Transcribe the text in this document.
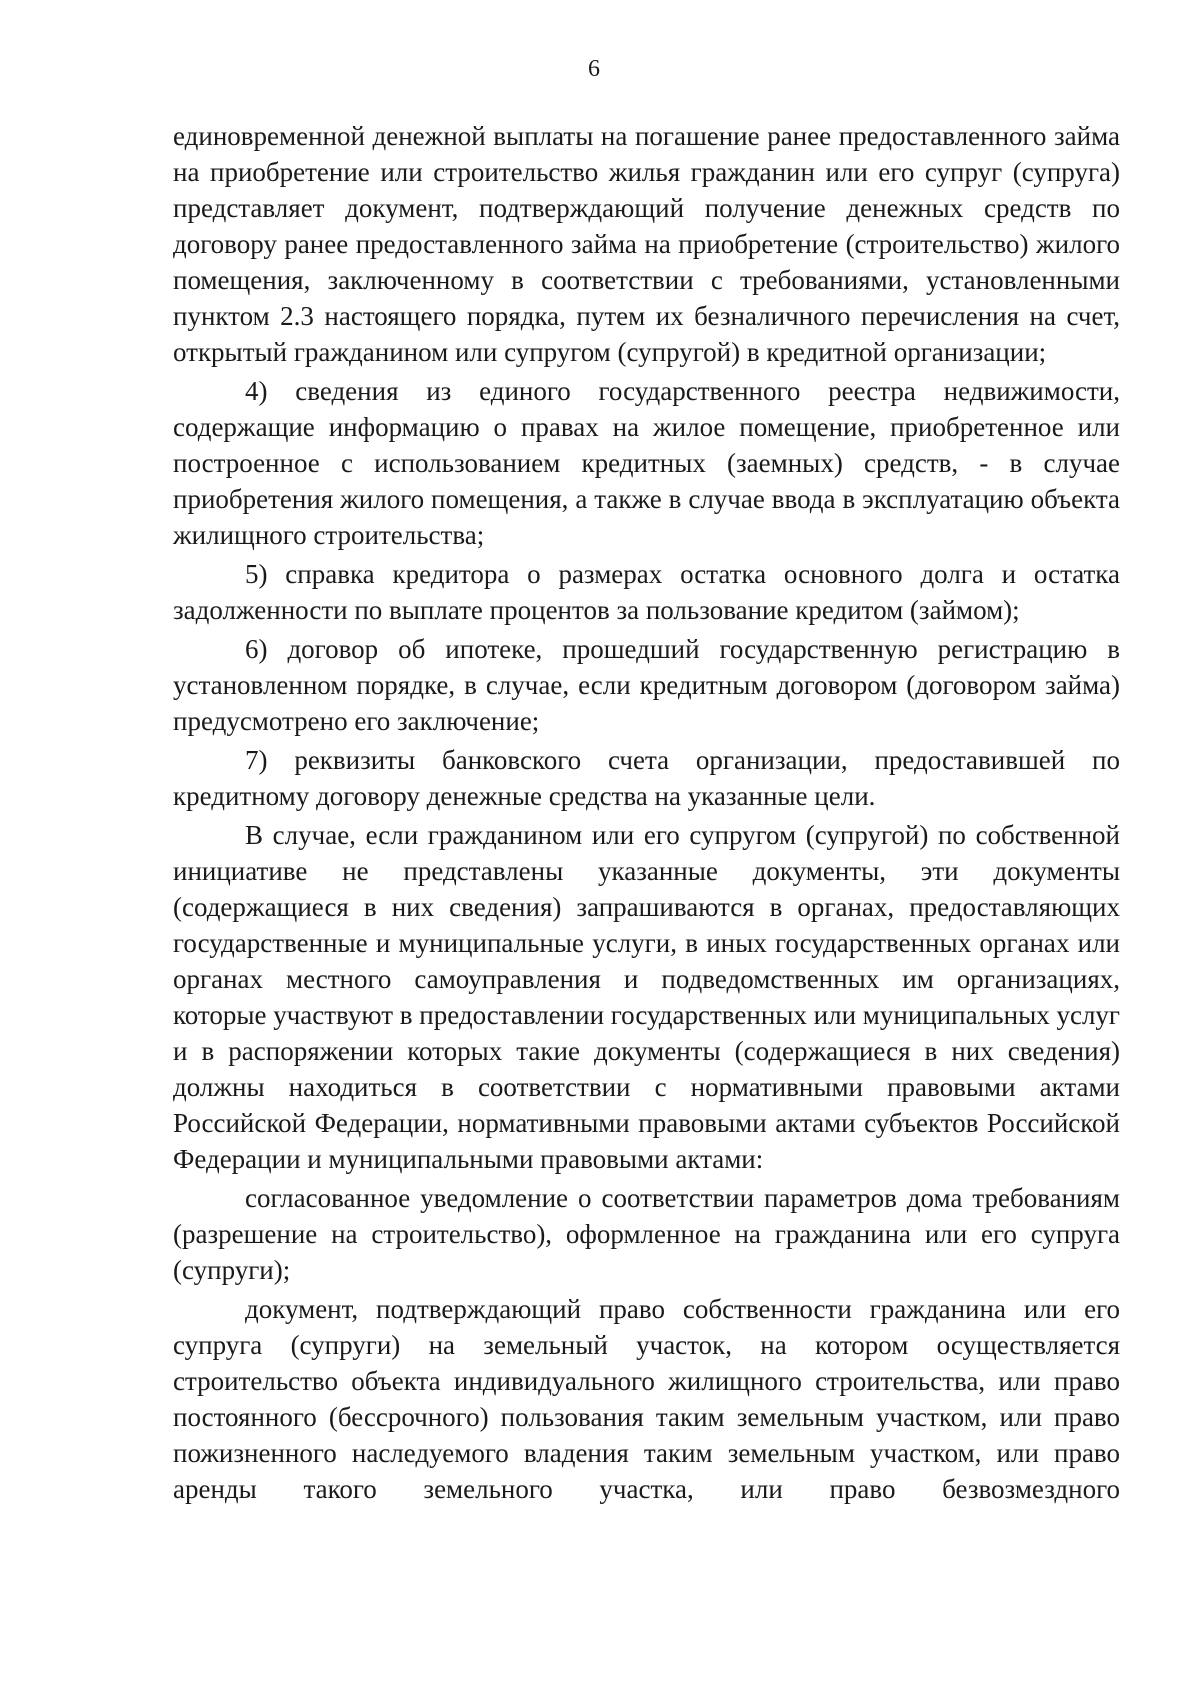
6

единовременной денежной выплаты на погашение ранее предоставленного займа на приобретение или строительство жилья гражданин или его супруг (супруга) представляет документ, подтверждающий получение денежных средств по договору ранее предоставленного займа на приобретение (строительство) жилого помещения, заключенному в соответствии с требованиями, установленными пунктом 2.3 настоящего порядка, путем их безналичного перечисления на счет, открытый гражданином или супругом (супругой) в кредитной организации;

4) сведения из единого государственного реестра недвижимости, содержащие информацию о правах на жилое помещение, приобретенное или построенное с использованием кредитных (заемных) средств, - в случае приобретения жилого помещения, а также в случае ввода в эксплуатацию объекта жилищного строительства;

5) справка кредитора о размерах остатка основного долга и остатка задолженности по выплате процентов за пользование кредитом (займом);

6) договор об ипотеке, прошедший государственную регистрацию в установленном порядке, в случае, если кредитным договором (договором займа) предусмотрено его заключение;

7) реквизиты банковского счета организации, предоставившей по кредитному договору денежные средства на указанные цели.

В случае, если гражданином или его супругом (супругой) по собственной инициативе не представлены указанные документы, эти документы (содержащиеся в них сведения) запрашиваются в органах, предоставляющих государственные и муниципальные услуги, в иных государственных органах или органах местного самоуправления и подведомственных им организациях, которые участвуют в предоставлении государственных или муниципальных услуг и в распоряжении которых такие документы (содержащиеся в них сведения) должны находиться в соответствии с нормативными правовыми актами Российской Федерации, нормативными правовыми актами субъектов Российской Федерации и муниципальными правовыми актами:

согласованное уведомление о соответствии параметров дома требованиям (разрешение на строительство), оформленное на гражданина или его супруга (супруги);

документ, подтверждающий право собственности гражданина или его супруга (супруги) на земельный участок, на котором осуществляется строительство объекта индивидуального жилищного строительства, или право постоянного (бессрочного) пользования таким земельным участком, или право пожизненного наследуемого владения таким земельным участком, или право аренды такого земельного участка, или право безвозмездного
